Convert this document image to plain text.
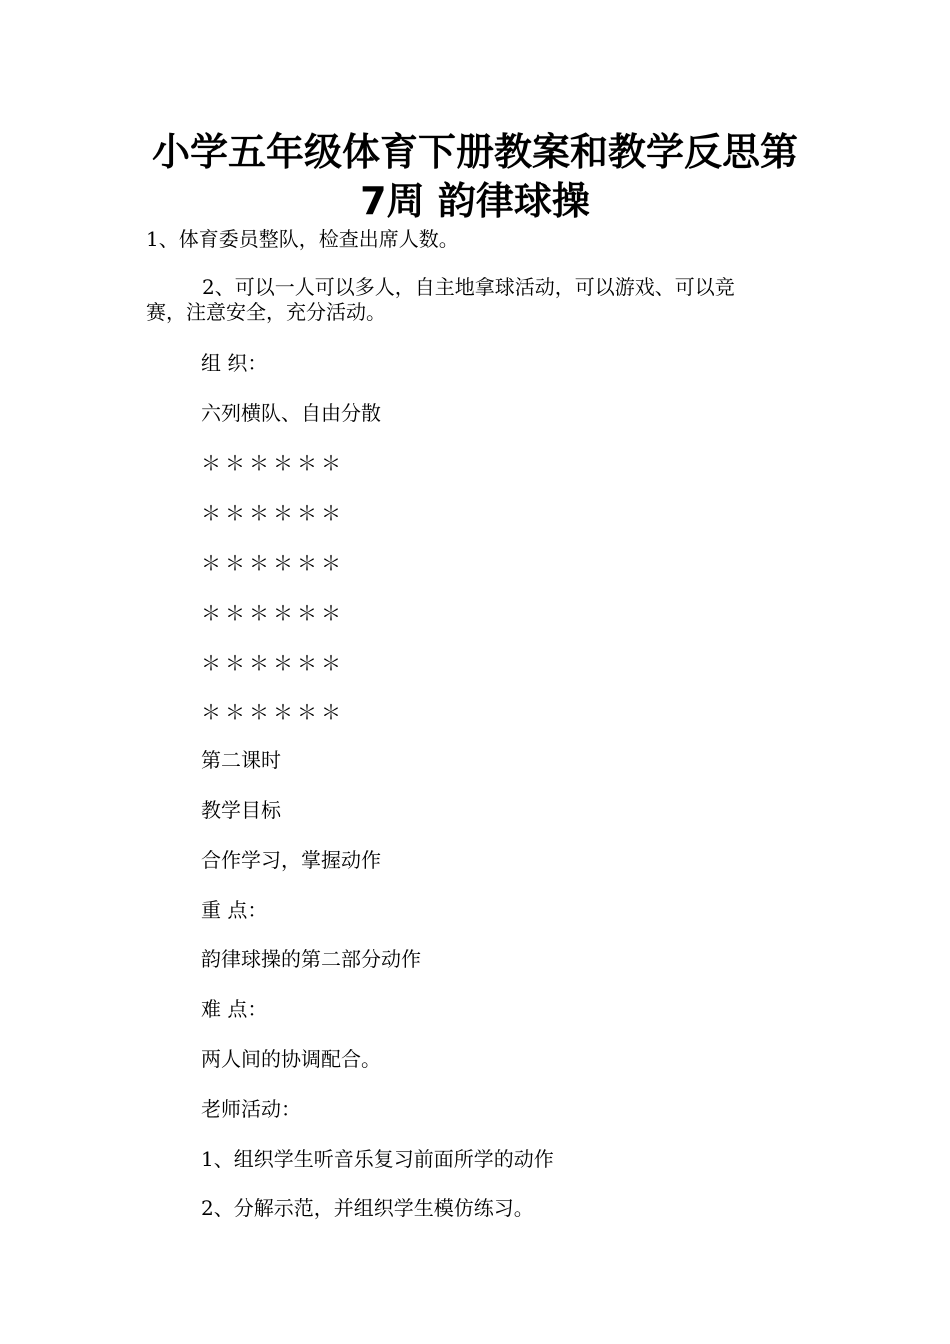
小学五年级体育下册教案和教学反思第
7周 韵律球操
1、体育委员整队，检查出席人数。
2、可以一人可以多人，自主地拿球活动，可以游戏、可以竞
赛，注意安全，充分活动。
组 织：
六列横队、自由分散
＊＊＊＊＊＊
＊＊＊＊＊＊
＊＊＊＊＊＊
＊＊＊＊＊＊
＊＊＊＊＊＊
＊＊＊＊＊＊
第二课时
教学目标
合作学习，掌握动作
重 点：
韵律球操的第二部分动作
难 点：
两人间的协调配合。
老师活动：
1、组织学生听音乐复习前面所学的动作
2、分解示范，并组织学生模仿练习。
